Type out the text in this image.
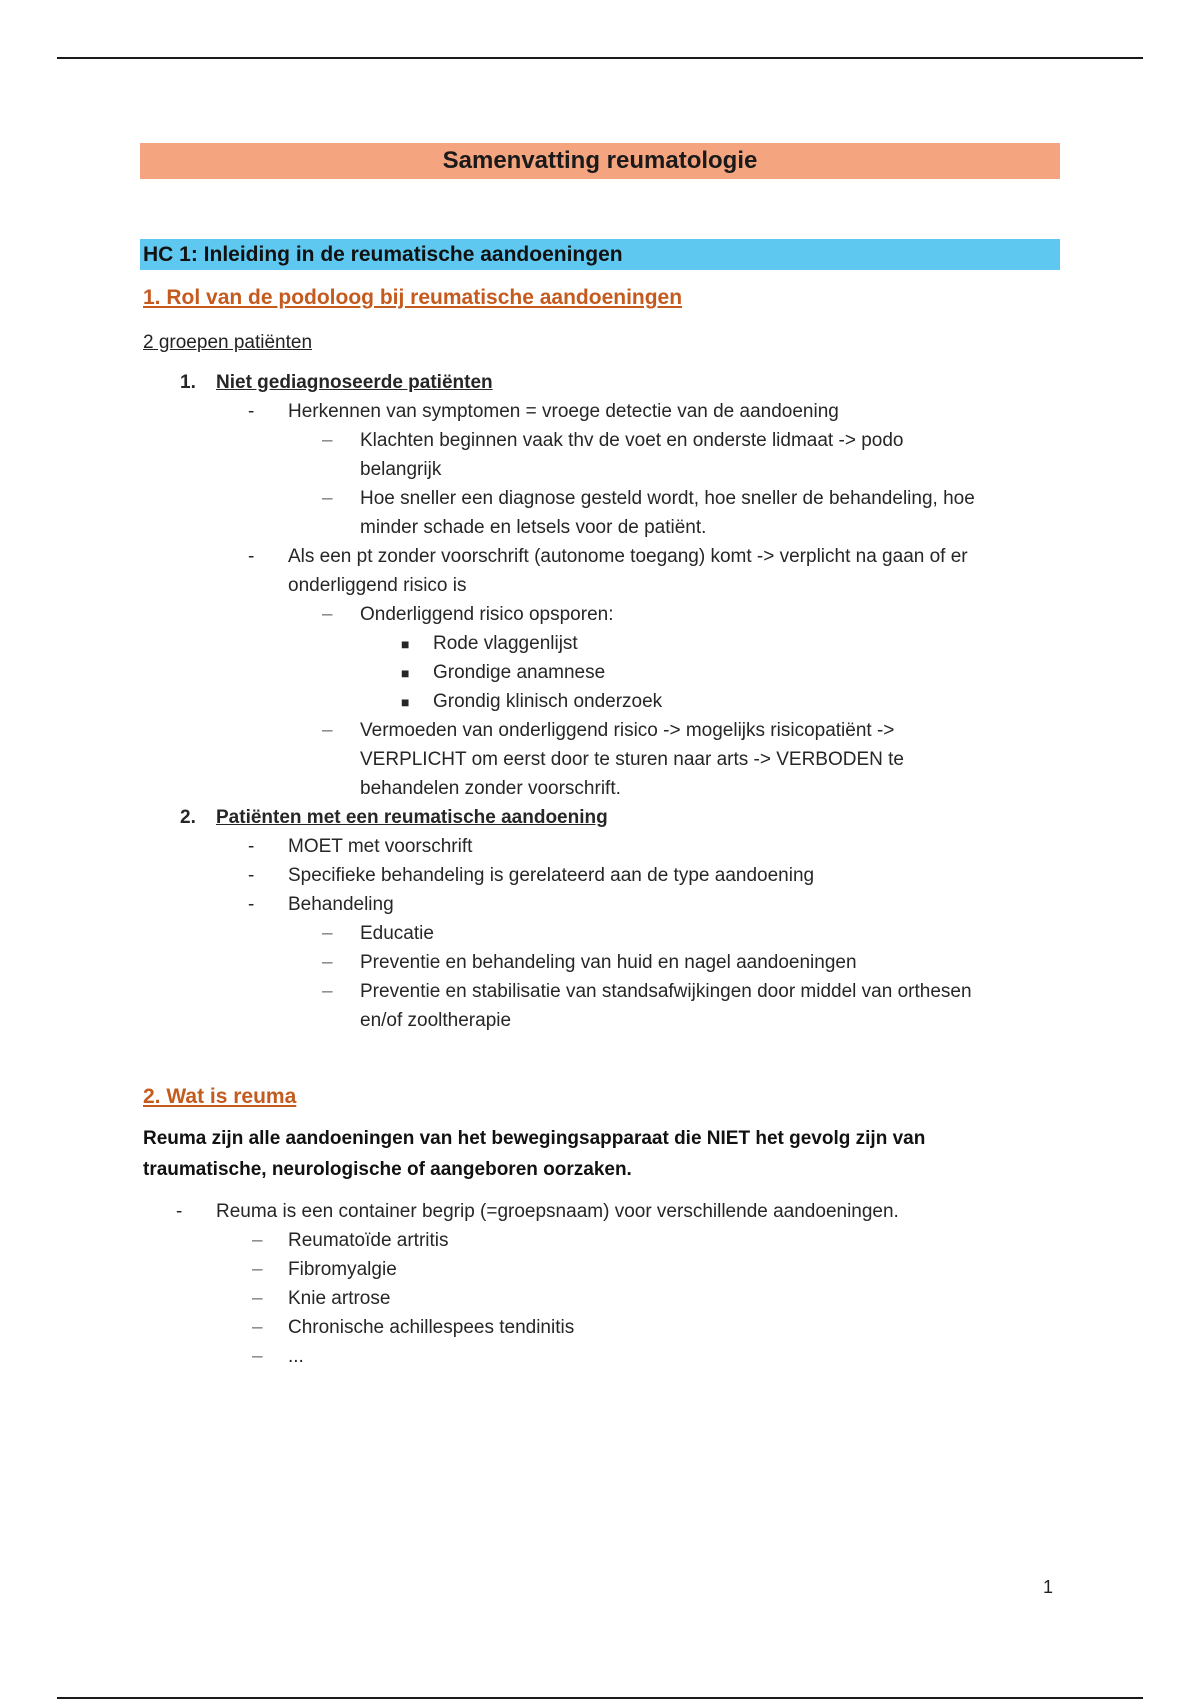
Samenvatting reumatologie
HC 1: Inleiding in de reumatische aandoeningen
1. Rol van de podoloog bij reumatische aandoeningen
2 groepen patiënten
1. Niet gediagnoseerde patiënten
- Herkennen van symptomen = vroege detectie van de aandoening
– Klachten beginnen vaak thv de voet en onderste lidmaat -> podo
belangrijk
– Hoe sneller een diagnose gesteld wordt, hoe sneller de behandeling, hoe
minder schade en letsels voor de patiënt.
- Als een pt zonder voorschrift (autonome toegang) komt -> verplicht na gaan of er
onderliggend risico is
– Onderliggend risico opsporen:
■ Rode vlaggenlijst
■ Grondige anamnese
■ Grondig klinisch onderzoek
– Vermoeden van onderliggend risico -> mogelijks risicopatiënt ->
VERPLICHT om eerst door te sturen naar arts -> VERBODEN te
behandelen zonder voorschrift.
2. Patiënten met een reumatische aandoening
- MOET met voorschrift
- Specifieke behandeling is gerelateerd aan de type aandoening
- Behandeling
– Educatie
– Preventie en behandeling van huid en nagel aandoeningen
– Preventie en stabilisatie van standsafwijkingen door middel van orthesen
en/of zooltherapie
2. Wat is reuma
Reuma zijn alle aandoeningen van het bewegingsapparaat die NIET het gevolg zijn van
traumatische, neurologische of aangeboren oorzaken.
- Reuma is een container begrip (=groepsnaam) voor verschillende aandoeningen.
– Reumatoïde artritis
– Fibromyalgie
– Knie artrose
– Chronische achillespees tendinitis
– ...
1
